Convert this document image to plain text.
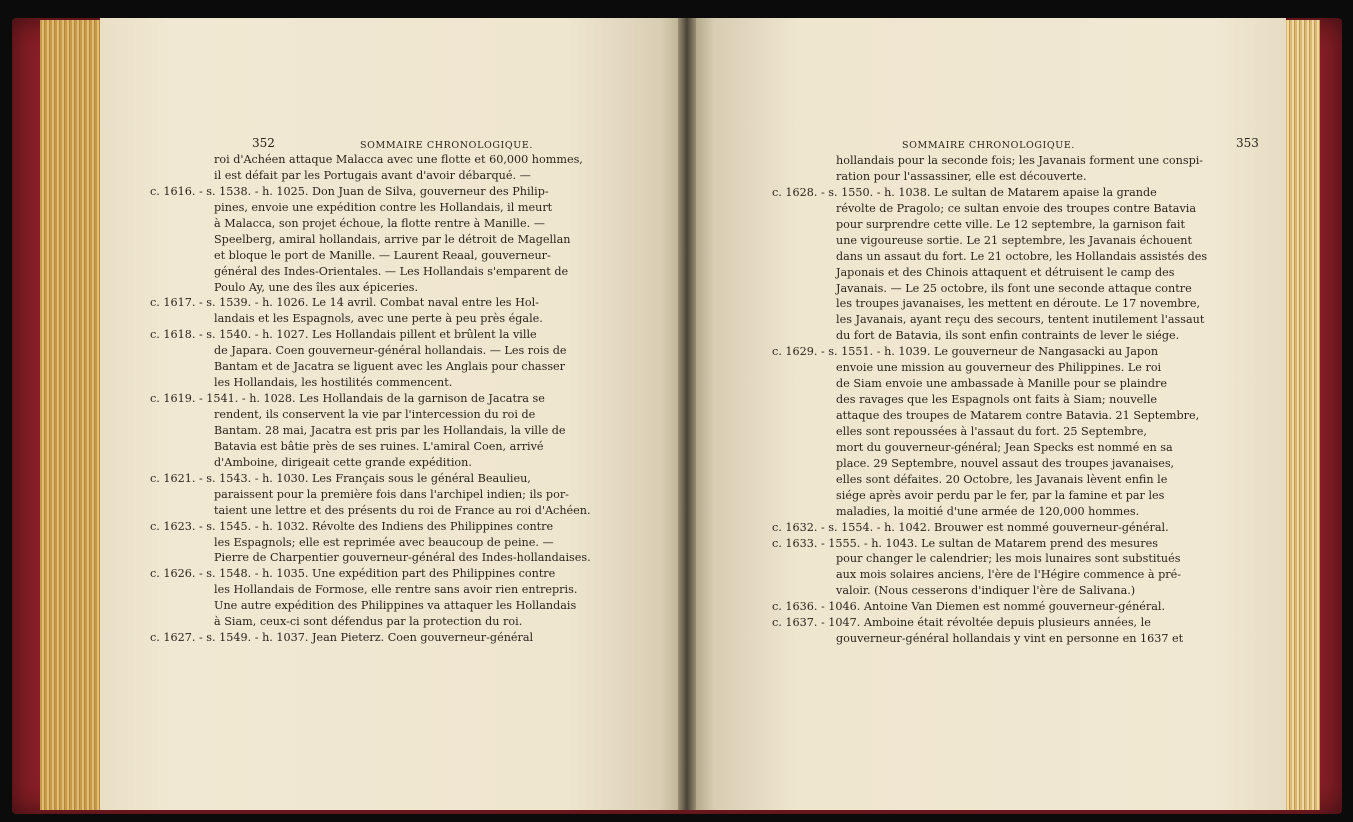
352	SOMMAIRE CHRONOLOGIQUE.	SOMMAIRE CHRONOLOGIQUE.	353
roi d'Achéen attaque Malacca avec une flotte et 60,000 hommes,
il est défait par les Portugais avant d'avoir débarqué. —
c. 1616. - s. 1538. - h. 1025. Don Juan de Silva, gouverneur des Philip-
pines, envoie une expédition contre les Hollandais, il meurt
à Malacca, son projet échoue, la flotte rentre à Manille. —
Speelberg, amiral hollandais, arrive par le détroit de Magellan
et bloque le port de Manille. — Laurent Reaal, gouverneur-
général des Indes-Orientales. — Les Hollandais s'emparent de
Poulo Ay, une des îles aux épiceries.
c. 1617. - s. 1539. - h. 1026. Le 14 avril. Combat naval entre les Hol-
landais et les Espagnols, avec une perte à peu près égale.
c. 1618. - s. 1540. - h. 1027. Les Hollandais pillent et brûlent la ville
de Japara. Coen gouverneur-général hollandais. — Les rois de
Bantam et de Jacatra se liguent avec les Anglais pour chasser
les Hollandais, les hostilités commencent.
c. 1619. - 1541. - h. 1028. Les Hollandais de la garnison de Jacatra se
rendent, ils conservent la vie par l'intercession du roi de
Bantam. 28 mai, Jacatra est pris par les Hollandais, la ville de
Batavia est bâtie près de ses ruines. L'amiral Coen, arrivé
d'Amboine, dirigeait cette grande expédition.
c. 1621. - s. 1543. - h. 1030. Les Français sous le général Beaulieu,
paraissent pour la première fois dans l'archipel indien; ils por-
taient une lettre et des présents du roi de France au roi d'Achéen.
c. 1623. - s. 1545. - h. 1032. Révolte des Indiens des Philippines contre
les Espagnols; elle est reprimée avec beaucoup de peine. —
Pierre de Charpentier gouverneur-général des Indes-hollandaises.
c. 1626. - s. 1548. - h. 1035. Une expédition part des Philippines contre
les Hollandais de Formose, elle rentre sans avoir rien entrepris.
Une autre expédition des Philippines va attaquer les Hollandais
à Siam, ceux-ci sont défendus par la protection du roi.
c. 1627. - s. 1549. - h. 1037. Jean Pieterz. Coen gouverneur-général
hollandais pour la seconde fois; les Javanais forment une conspi-
ration pour l'assassiner, elle est découverte.
c. 1628. - s. 1550. - h. 1038. Le sultan de Matarem apaise la grande
révolte de Pragolo; ce sultan envoie des troupes contre Batavia
pour surprendre cette ville. Le 12 septembre, la garnison fait
une vigoureuse sortie. Le 21 septembre, les Javanais échouent
dans un assaut du fort. Le 21 octobre, les Hollandais assistés des
Japonais et des Chinois attaquent et détruisent le camp des
Javanais. — Le 25 octobre, ils font une seconde attaque contre
les troupes javanaises, les mettent en déroute. Le 17 novembre,
les Javanais, ayant reçu des secours, tentent inutilement l'assaut
du fort de Batavia, ils sont enfin contraints de lever le siége.
c. 1629. - s. 1551. - h. 1039. Le gouverneur de Nangasacki au Japon
envoie une mission au gouverneur des Philippines. Le roi
de Siam envoie une ambassade à Manille pour se plaindre
des ravages que les Espagnols ont faits à Siam; nouvelle
attaque des troupes de Matarem contre Batavia. 21 Septembre,
elles sont repoussées à l'assaut du fort. 25 Septembre,
mort du gouverneur-général; Jean Specks est nommé en sa
place. 29 Septembre, nouvel assaut des troupes javanaises,
elles sont défaites. 20 Octobre, les Javanais lèvent enfin le
siége après avoir perdu par le fer, par la famine et par les
maladies, la moitié d'une armée de 120,000 hommes.
c. 1632. - s. 1554. - h. 1042. Brouwer est nommé gouverneur-général.
c. 1633. - 1555. - h. 1043. Le sultan de Matarem prend des mesures
pour changer le calendrier; les mois lunaires sont substitués
aux mois solaires anciens, l'ère de l'Hégire commence à pré-
valoir. (Nous cesserons d'indiquer l'ère de Salivana.)
c. 1636. - 1046. Antoine Van Diemen est nommé gouverneur-général.
c. 1637. - 1047. Amboine était révoltée depuis plusieurs années, le
gouverneur-général hollandais y vint en personne en 1637 et
